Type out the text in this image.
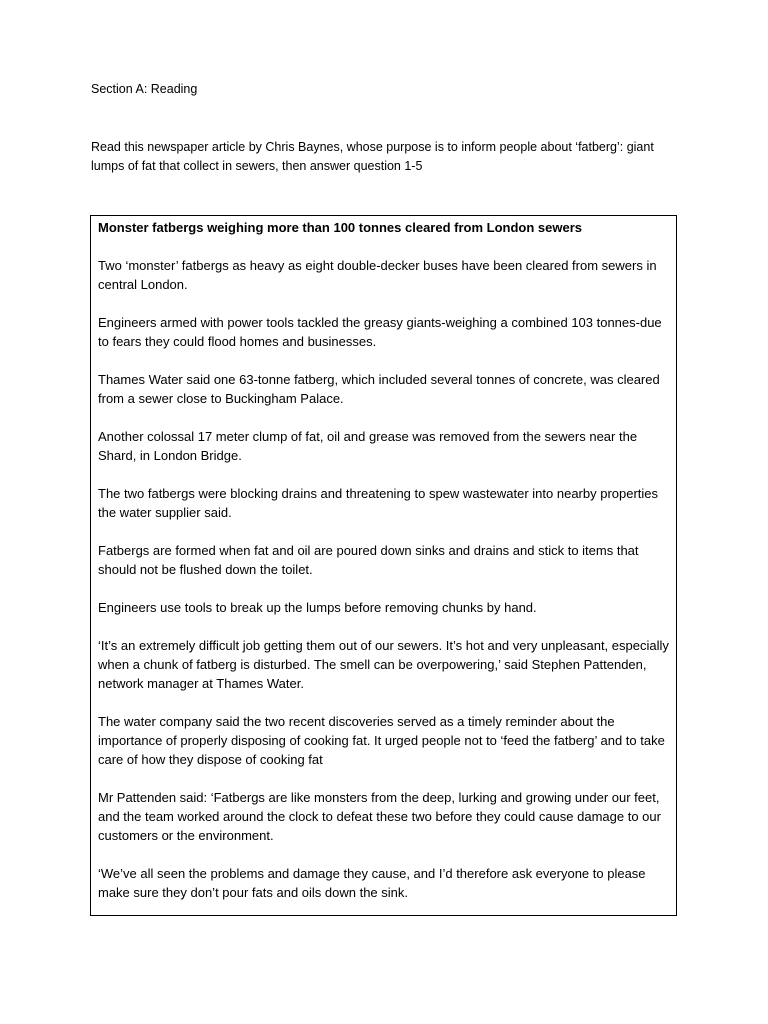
Section A: Reading

Read this newspaper article by Chris Baynes, whose purpose is to inform people about ‘fatberg’: giant lumps of fat that collect in sewers, then answer question 1-5

Monster fatbergs weighing more than 100 tonnes cleared from London sewers

Two ‘monster’ fatbergs as heavy as eight double-decker buses have been cleared from sewers in central London.

Engineers armed with power tools tackled the greasy giants-weighing a combined 103 tonnes-due to fears they could flood homes and businesses.

Thames Water said one 63-tonne fatberg, which included several tonnes of concrete, was cleared from a sewer close to Buckingham Palace.

Another colossal 17 meter clump of fat, oil and grease was removed from the sewers near the Shard, in London Bridge.

The two fatbergs were blocking drains and threatening to spew wastewater into nearby properties the water supplier said.

Fatbergs are formed when fat and oil are poured down sinks and drains and stick to items that should not be flushed down the toilet.

Engineers use tools to break up the lumps before removing chunks by hand.

‘It’s an extremely difficult job getting them out of our sewers. It’s hot and very unpleasant, especially when a chunk of fatberg is disturbed. The smell can be overpowering,’ said Stephen Pattenden, network manager at Thames Water.

The water company said the two recent discoveries served as a timely reminder about the importance of properly disposing of cooking fat. It urged people not to ‘feed the fatberg’ and to take care of how they dispose of cooking fat

Mr Pattenden said: ‘Fatbergs are like monsters from the deep, lurking and growing under our feet, and the team worked around the clock to defeat these two before they could cause damage to our customers or the environment.

‘We’ve all seen the problems and damage they cause, and I’d therefore ask everyone to please make sure they don’t pour fats and oils down the sink.
